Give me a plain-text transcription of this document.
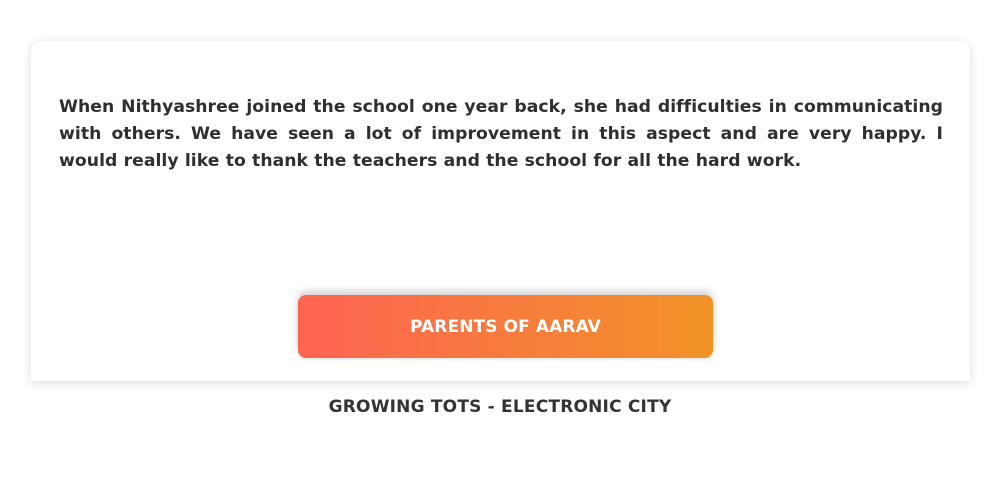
When Nithyashree joined the school one year back, she had difficulties in communicating with others. We have seen a lot of improvement in this aspect and are very happy. I would really like to thank the teachers and the school for all the hard work.

PARENTS OF AARAV
GROWING TOTS - ELECTRONIC CITY
